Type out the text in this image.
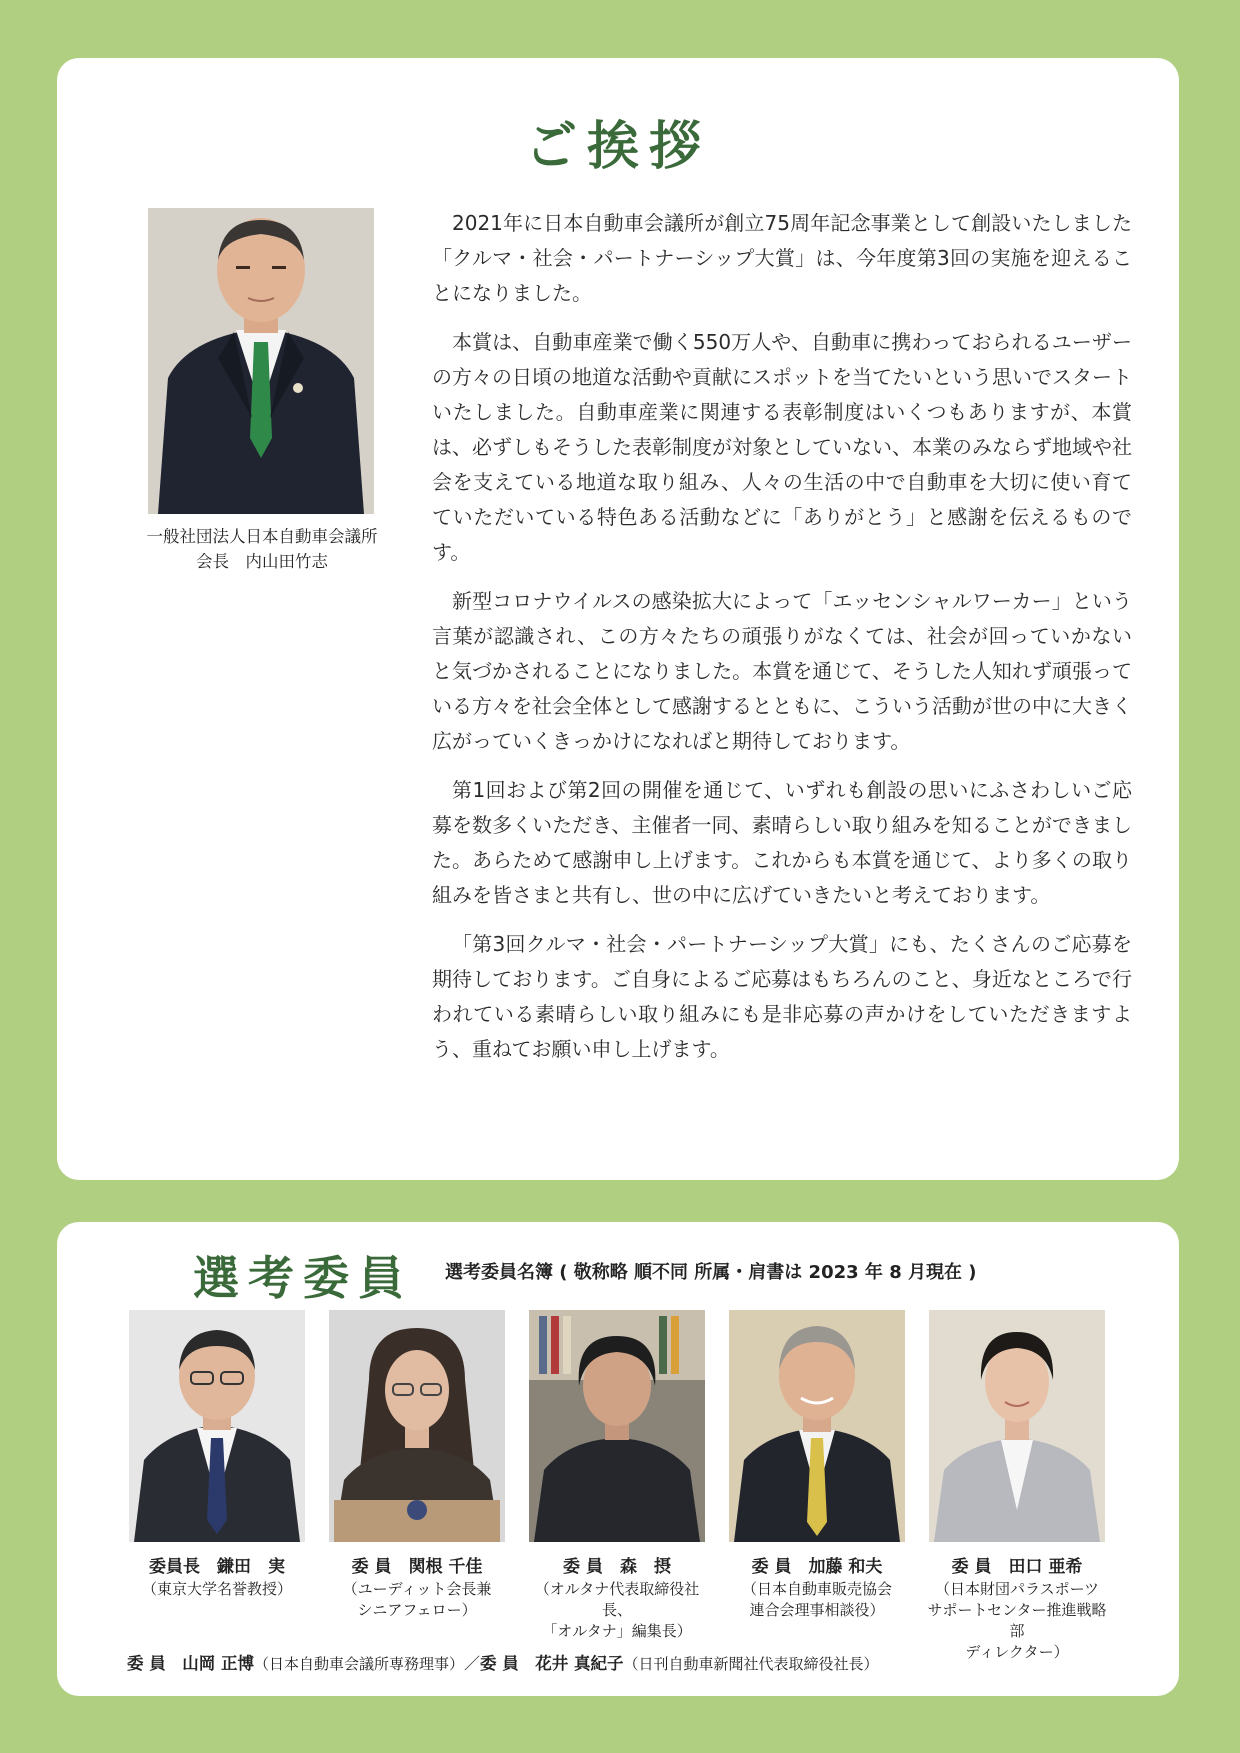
ご挨拶
一般社団法人日本自動車会議所
会長　内山田竹志

2021年に日本自動車会議所が創立75周年記念事業として創設いたしました「クルマ・社会・パートナーシップ大賞」は、今年度第3回の実施を迎えることになりました。

本賞は、自動車産業で働く550万人や、自動車に携わっておられるユーザーの方々の日頃の地道な活動や貢献にスポットを当てたいという思いでスタートいたしました。自動車産業に関連する表彰制度はいくつもありますが、本賞は、必ずしもそうした表彰制度が対象としていない、本業のみならず地域や社会を支えている地道な取り組み、人々の生活の中で自動車を大切に使い育てていただいている特色ある活動などに「ありがとう」と感謝を伝えるものです。

新型コロナウイルスの感染拡大によって「エッセンシャルワーカー」という言葉が認識され、この方々たちの頑張りがなくては、社会が回っていかないと気づかされることになりました。本賞を通じて、そうした人知れず頑張っている方々を社会全体として感謝するとともに、こういう活動が世の中に大きく広がっていくきっかけになればと期待しております。

第1回および第2回の開催を通じて、いずれも創設の思いにふさわしいご応募を数多くいただき、主催者一同、素晴らしい取り組みを知ることができました。あらためて感謝申し上げます。これからも本賞を通じて、より多くの取り組みを皆さまと共有し、世の中に広げていきたいと考えております。

「第3回クルマ・社会・パートナーシップ大賞」にも、たくさんのご応募を期待しております。ご自身によるご応募はもちろんのこと、身近なところで行われている素晴らしい取り組みにも是非応募の声かけをしていただきますよう、重ねてお願い申し上げます。

選考委員 選考委員名簿 ( 敬称略 順不同 所属・肩書は 2023 年 8 月現在 )
委員長　鎌田　実
（東京大学名誉教授）
委 員　関根 千佳
（ユーディット会長兼
シニアフェロー）
委 員　森　摂
（オルタナ代表取締役社長、
「オルタナ」編集長）
委 員　加藤 和夫
（日本自動車販売協会
連合会理事相談役）
委 員　田口 亜希
（日本財団パラスポーツ
サポートセンター推進戦略部
ディレクター）
委 員　山岡 正博（日本自動車会議所専務理事）／委 員　花井 真紀子（日刊自動車新聞社代表取締役社長）
